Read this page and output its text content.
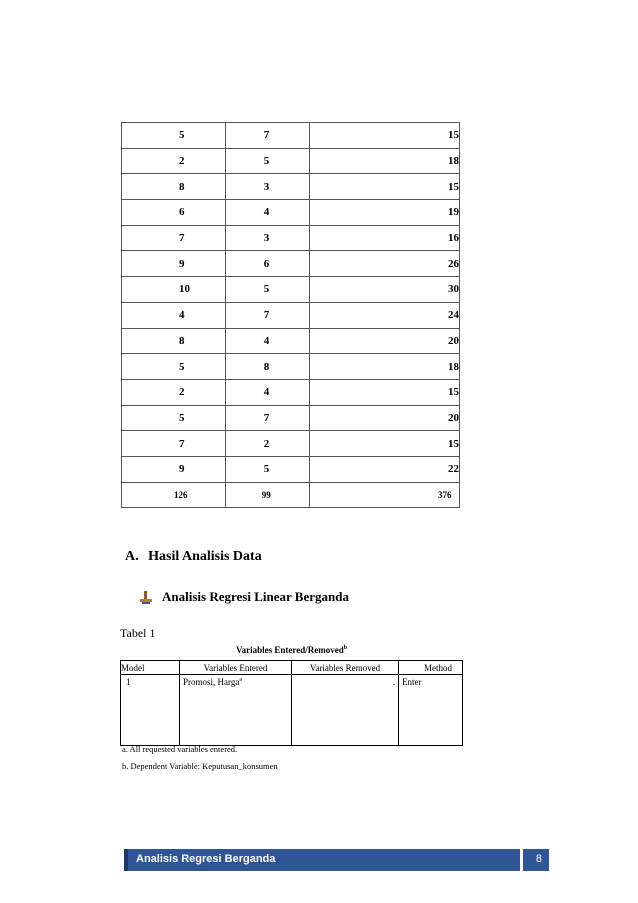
5	7	15
2	5	18
8	3	15
6	4	19
7	3	16
9	6	26
10	5	30
4	7	24
8	4	20
5	8	18
2	4	15
5	7	20
7	2	15
9	5	22
126	99	376
A. Hasil Analisis Data
Analisis Regresi Linear Berganda
Tabel 1
Variables Entered/Removed$^b$
Model	Variables Entered	Variables Removed	Method
1	Promosi, Harga$^a$	.	Enter
a. All requested variables entered.
b. Dependent Variable: Keputusan_konsumen
Analisis Regresi Berganda	8
